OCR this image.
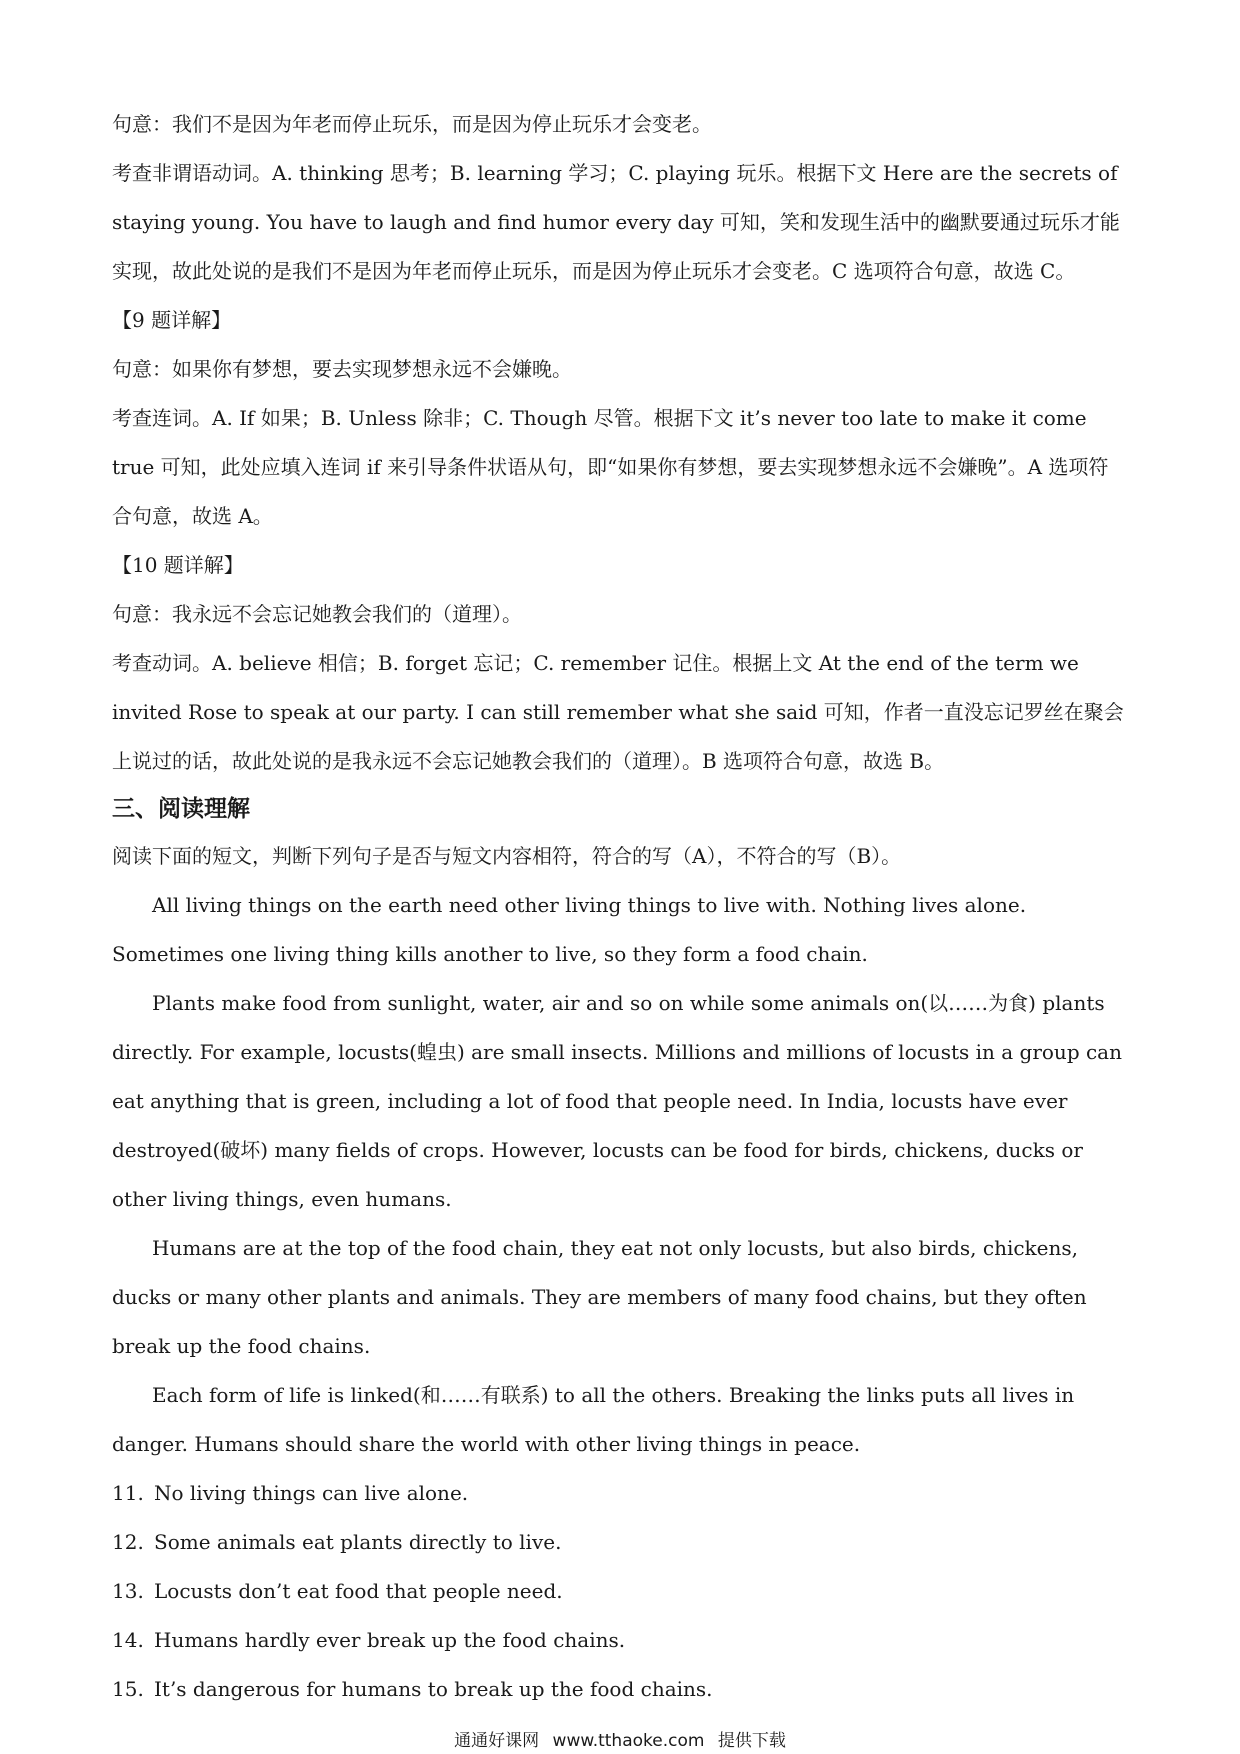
句意：我们不是因为年老而停止玩乐，而是因为停止玩乐才会变老。

考查非谓语动词。A. thinking 思考；B. learning 学习；C. playing 玩乐。根据下文 Here are the secrets of staying young. You have to laugh and find humor every day 可知，笑和发现生活中的幽默要通过玩乐才能实现，故此处说的是我们不是因为年老而停止玩乐，而是因为停止玩乐才会变老。C 选项符合句意，故选 C。

【9 题详解】

句意：如果你有梦想，要去实现梦想永远不会嫌晚。

考查连词。A. If 如果；B. Unless 除非；C. Though 尽管。根据下文 it’s never too late to make it come true 可知，此处应填入连词 if 来引导条件状语从句，即“如果你有梦想，要去实现梦想永远不会嫌晚”。A 选项符合句意，故选 A。

【10 题详解】

句意：我永远不会忘记她教会我们的（道理）。

考查动词。A. believe 相信；B. forget 忘记；C. remember 记住。根据上文 At the end of the term we invited Rose to speak at our party. I can still remember what she said 可知，作者一直没忘记罗丝在聚会上说过的话，故此处说的是我永远不会忘记她教会我们的（道理）。B 选项符合句意，故选 B。

三、阅读理解

阅读下面的短文，判断下列句子是否与短文内容相符，符合的写（A），不符合的写（B）。

All living things on the earth need other living things to live with. Nothing lives alone. Sometimes one living thing kills another to live, so they form a food chain.

Plants make food from sunlight, water, air and so on while some animals on(以……为食) plants directly. For example, locusts(蝗虫) are small insects. Millions and millions of locusts in a group can eat anything that is green, including a lot of food that people need. In India, locusts have ever destroyed(破坏) many fields of crops. However, locusts can be food for birds, chickens, ducks or other living things, even humans.

Humans are at the top of the food chain, they eat not only locusts, but also birds, chickens, ducks or many other plants and animals. They are members of many food chains, but they often break up the food chains.

Each form of life is linked(和……有联系) to all the others. Breaking the links puts all lives in danger. Humans should share the world with other living things in peace.

11. No living things can live alone.

12. Some animals eat plants directly to live.

13. Locusts don’t eat food that people need.

14. Humans hardly ever break up the food chains.

15. It’s dangerous for humans to break up the food chains.

通通好课网 www.tthaoke.com 提供下载
